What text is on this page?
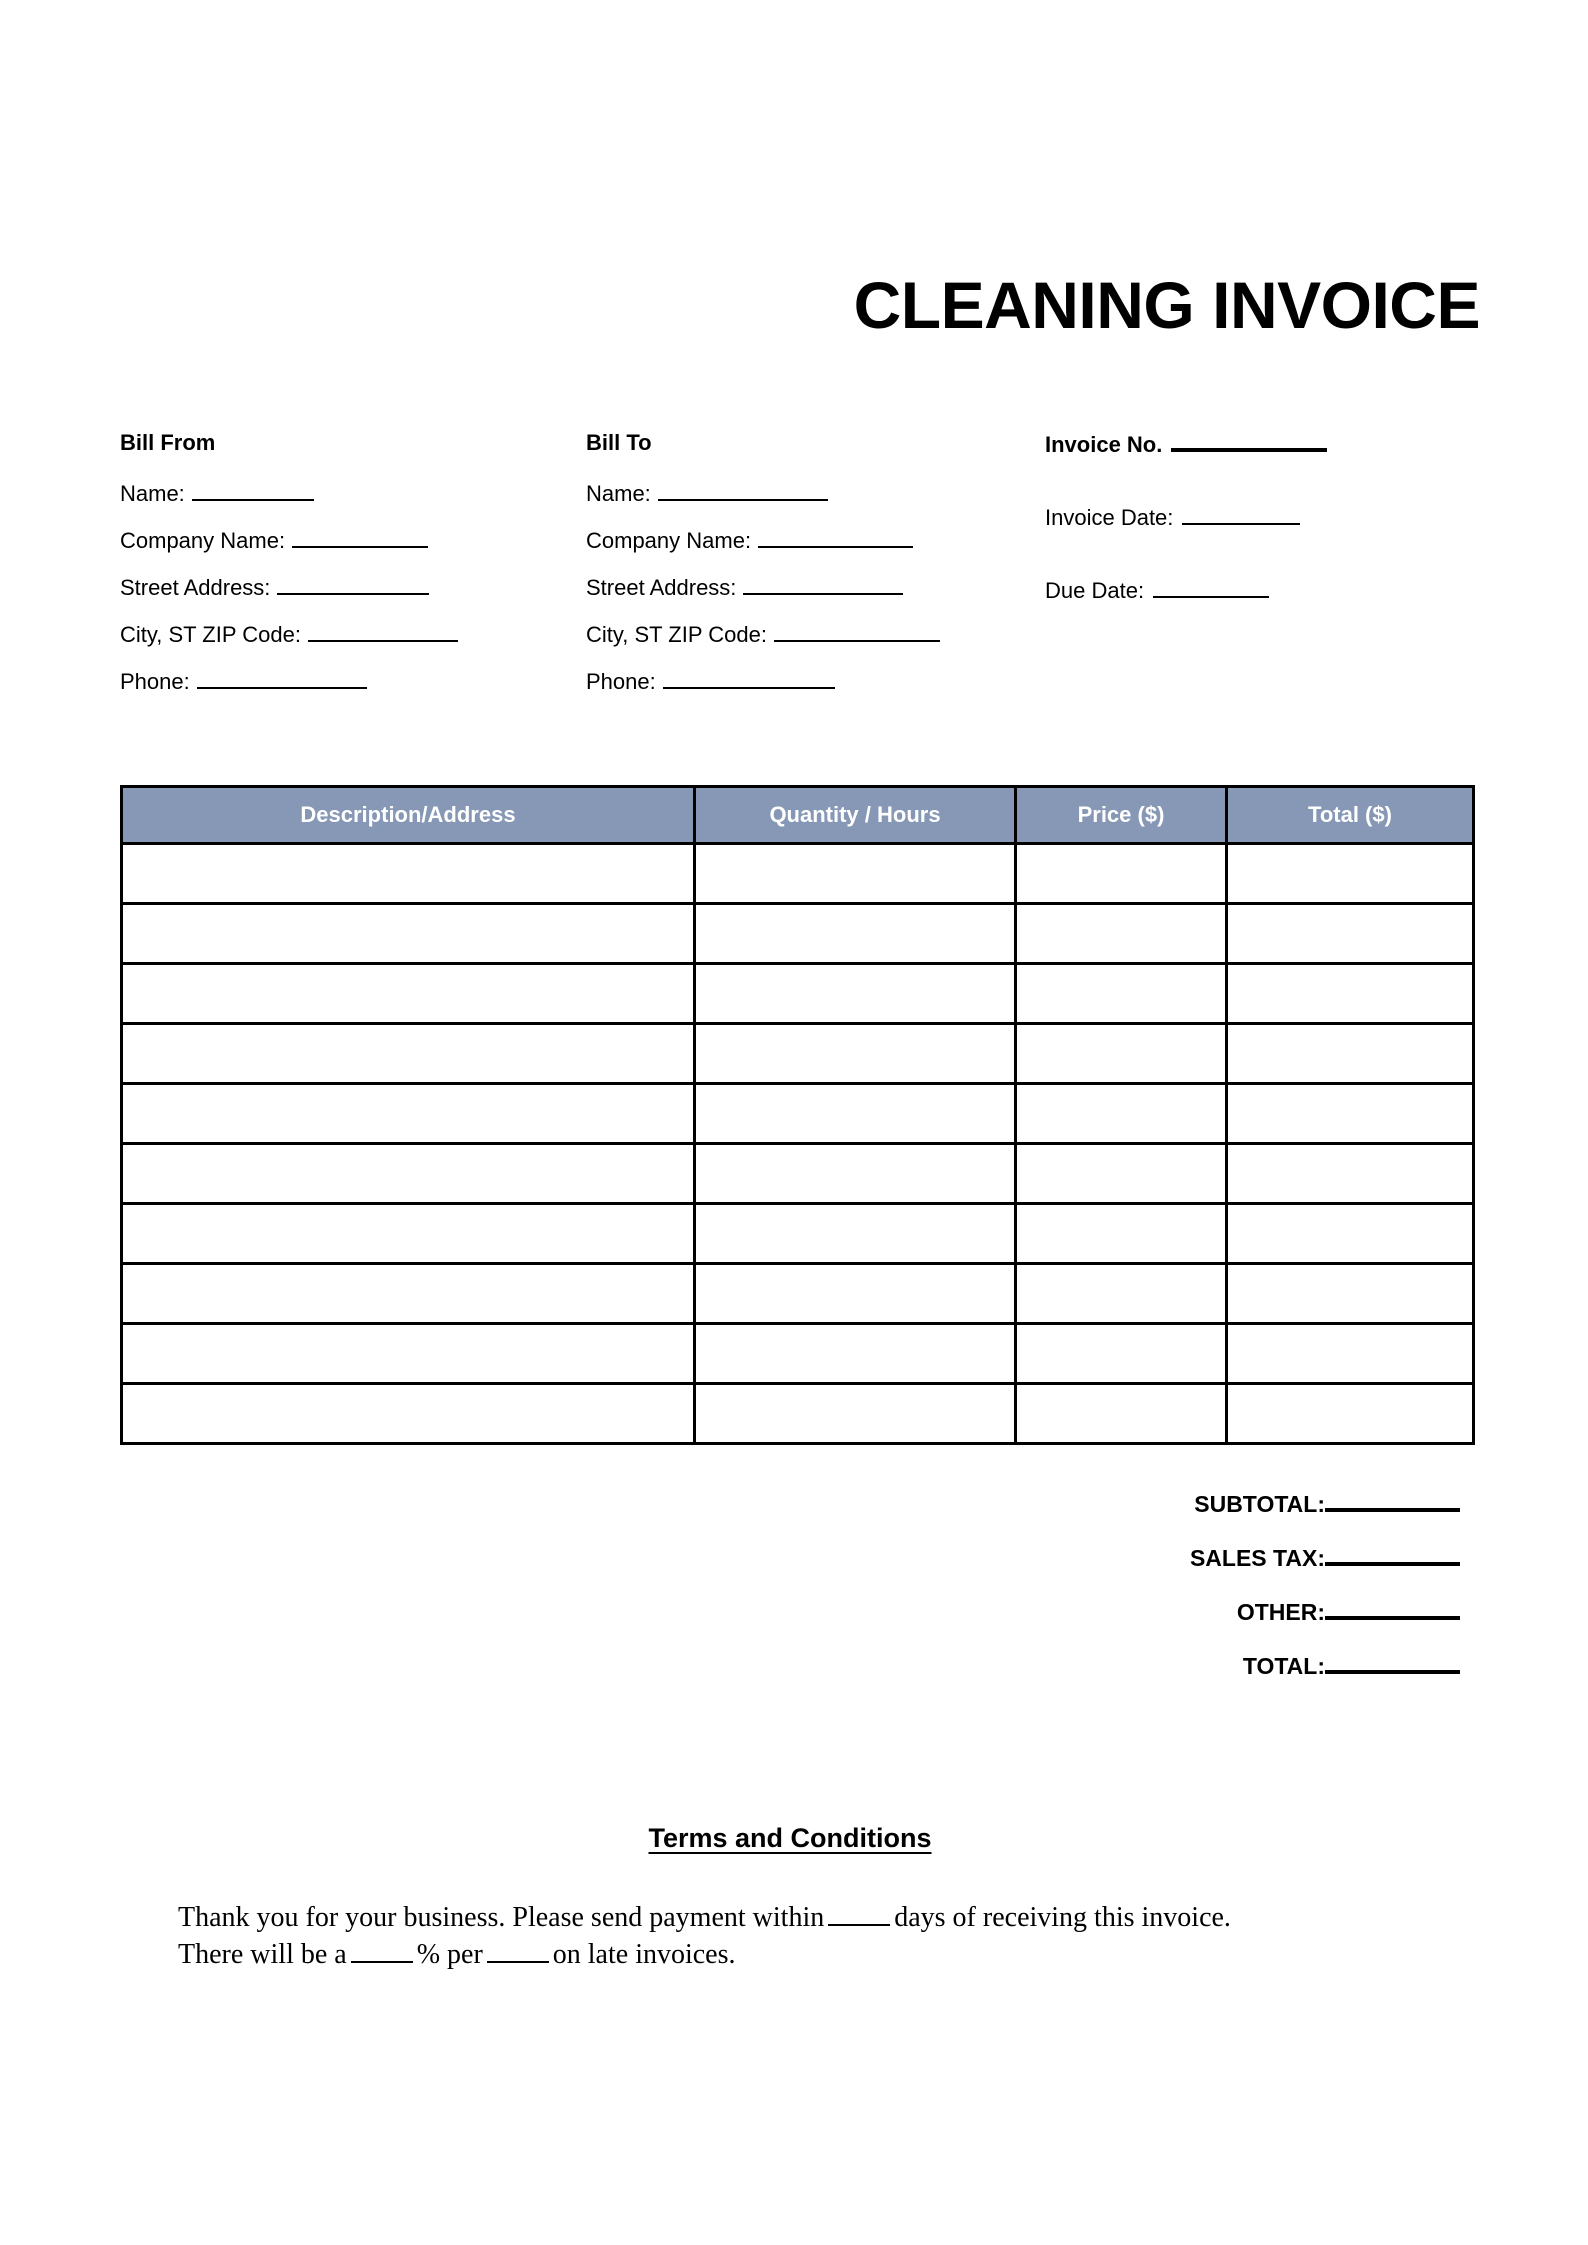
CLEANING INVOICE
Bill From
Name:
Company Name:
Street Address:
City, ST ZIP Code:
Phone:
Bill To
Name:
Company Name:
Street Address:
City, ST ZIP Code:
Phone:
Invoice No.
Invoice Date:
Due Date:
Description/Address	Quantity / Hours	Price ($)	Total ($)

SUBTOTAL:
SALES TAX:
OTHER:
TOTAL:
Terms and Conditions
Thank you for your business. Please send payment within	days of receiving this invoice.
There will be a	% per	on late invoices.
